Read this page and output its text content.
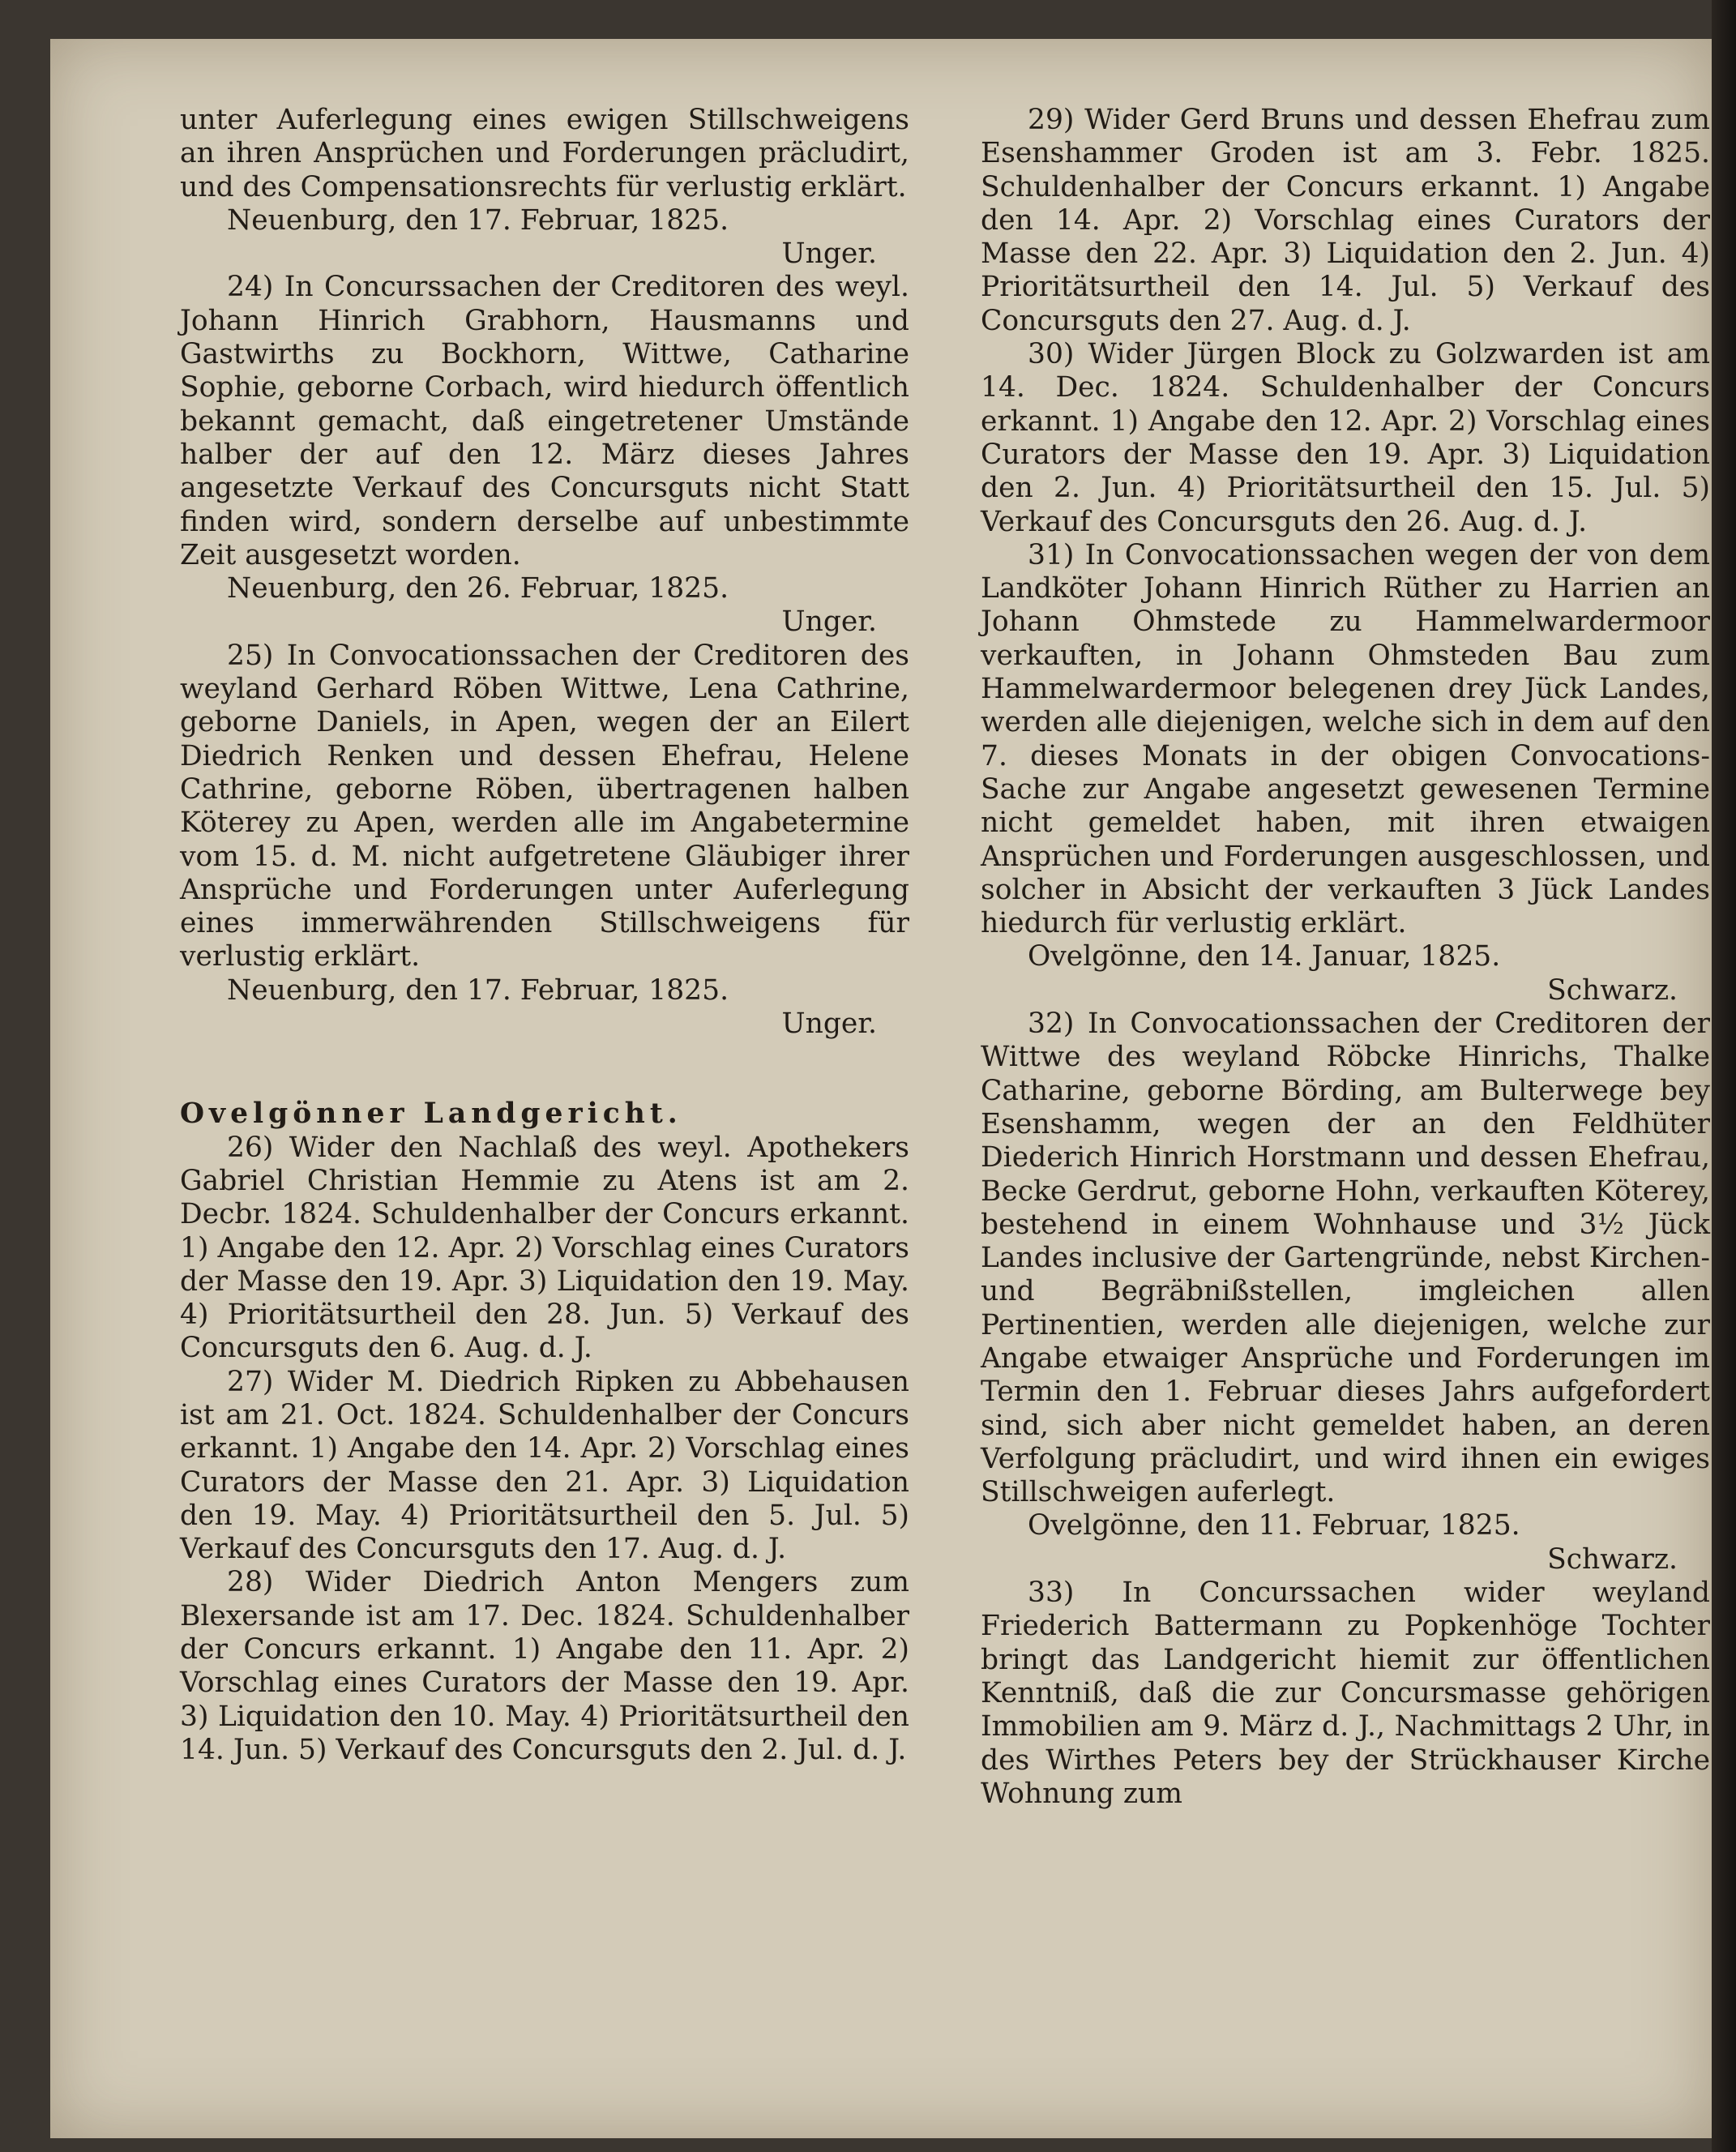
unter Auferlegung eines ewigen Stillschweigens an ihren Ansprüchen und Forderungen präcludirt, und des Compensationsrechts für verlustig erklärt.

Neuenburg, den 17. Februar, 1825.

Unger.

24) In Concurssachen der Creditoren des weyl. Johann Hinrich Grabhorn, Hausmanns und Gastwirths zu Bockhorn, Wittwe, Catharine Sophie, geborne Corbach, wird hiedurch öffentlich bekannt gemacht, daß eingetretener Umstände halber der auf den 12. März dieses Jahres angesetzte Verkauf des Concursguts nicht Statt finden wird, sondern derselbe auf unbestimmte Zeit ausgesetzt worden.

Neuenburg, den 26. Februar, 1825.

Unger.

25) In Convocationssachen der Creditoren des weyland Gerhard Röben Wittwe, Lena Cathrine, geborne Daniels, in Apen, wegen der an Eilert Diedrich Renken und dessen Ehefrau, Helene Cathrine, geborne Röben, übertragenen halben Köterey zu Apen, werden alle im Angabetermine vom 15. d. M. nicht aufgetretene Gläubiger ihrer Ansprüche und Forderungen unter Auferlegung eines immerwährenden Stillschweigens für verlustig erklärt.

Neuenburg, den 17. Februar, 1825.

Unger.

Ovelgönner Landgericht.

26) Wider den Nachlaß des weyl. Apothekers Gabriel Christian Hemmie zu Atens ist am 2. Decbr. 1824. Schuldenhalber der Concurs erkannt. 1) Angabe den 12. Apr. 2) Vorschlag eines Curators der Masse den 19. Apr. 3) Liquidation den 19. May. 4) Prioritätsurtheil den 28. Jun. 5) Verkauf des Concursguts den 6. Aug. d. J.

27) Wider M. Diedrich Ripken zu Abbehausen ist am 21. Oct. 1824. Schuldenhalber der Concurs erkannt. 1) Angabe den 14. Apr. 2) Vorschlag eines Curators der Masse den 21. Apr. 3) Liquidation den 19. May. 4) Prioritätsurtheil den 5. Jul. 5) Verkauf des Concursguts den 17. Aug. d. J.

28) Wider Diedrich Anton Mengers zum Blexersande ist am 17. Dec. 1824. Schuldenhalber der Concurs erkannt. 1) Angabe den 11. Apr. 2) Vorschlag eines Curators der Masse den 19. Apr. 3) Liquidation den 10. May. 4) Prioritätsurtheil den 14. Jun. 5) Verkauf des Concursguts den 2. Jul. d. J.

29) Wider Gerd Bruns und dessen Ehefrau zum Esenshammer Groden ist am 3. Febr. 1825. Schuldenhalber der Concurs erkannt. 1) Angabe den 14. Apr. 2) Vorschlag eines Curators der Masse den 22. Apr. 3) Liquidation den 2. Jun. 4) Prioritätsurtheil den 14. Jul. 5) Verkauf des Concursguts den 27. Aug. d. J.

30) Wider Jürgen Block zu Golzwarden ist am 14. Dec. 1824. Schuldenhalber der Concurs erkannt. 1) Angabe den 12. Apr. 2) Vorschlag eines Curators der Masse den 19. Apr. 3) Liquidation den 2. Jun. 4) Prioritätsurtheil den 15. Jul. 5) Verkauf des Concursguts den 26. Aug. d. J.

31) In Convocationssachen wegen der von dem Landköter Johann Hinrich Rüther zu Harrien an Johann Ohmstede zu Hammelwardermoor verkauften, in Johann Ohmsteden Bau zum Hammelwardermoor belegenen drey Jück Landes, werden alle diejenigen, welche sich in dem auf den 7. dieses Monats in der obigen Convocations-Sache zur Angabe angesetzt gewesenen Termine nicht gemeldet haben, mit ihren etwaigen Ansprüchen und Forderungen ausgeschlossen, und solcher in Absicht der verkauften 3 Jück Landes hiedurch für verlustig erklärt.

Ovelgönne, den 14. Januar, 1825.

Schwarz.

32) In Convocationssachen der Creditoren der Wittwe des weyland Röbcke Hinrichs, Thalke Catharine, geborne Börding, am Bulterwege bey Esenshamm, wegen der an den Feldhüter Diederich Hinrich Horstmann und dessen Ehefrau, Becke Gerdrut, geborne Hohn, verkauften Köterey, bestehend in einem Wohnhause und 3½ Jück Landes inclusive der Gartengründe, nebst Kirchen- und Begräbnißstellen, imgleichen allen Pertinentien, werden alle diejenigen, welche zur Angabe etwaiger Ansprüche und Forderungen im Termin den 1. Februar dieses Jahrs aufgefordert sind, sich aber nicht gemeldet haben, an deren Verfolgung präcludirt, und wird ihnen ein ewiges Stillschweigen auferlegt.

Ovelgönne, den 11. Februar, 1825.

Schwarz.

33) In Concurssachen wider weyland Friederich Battermann zu Popkenhöge Tochter bringt das Landgericht hiemit zur öffentlichen Kenntniß, daß die zur Concursmasse gehörigen Immobilien am 9. März d. J., Nachmittags 2 Uhr, in des Wirthes Peters bey der Strückhauser Kirche Wohnung zum
